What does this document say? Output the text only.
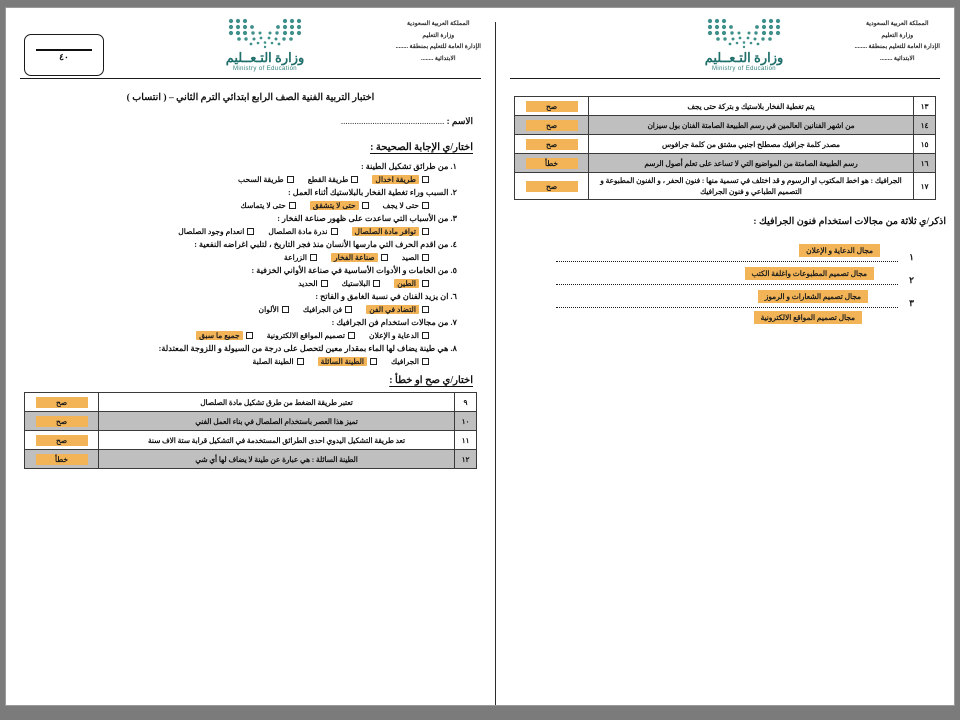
٤٠
المملكة العربية السعودية
وزارة التعليم
الإدارة العامة للتعليم بمنطقة ........
الابتدائية ........
وزارة التـعــليم
Ministry of Education
اختبار التربية الفنية الصف الرابع ابتدائي الترم الثاني – ( انتساب )
الاسم : ..............................................
اختار/ي الإجابة الصحيحة :
١. من طرائق تشكيل الطينة :
طريقة اخدال
طريقة القطع
طريقة السحب
٢. السبب وراء تغطية الفخار بالبلاستيك أثناء العمل :
حتى لا يجف
حتى لا يتشقق
حتى لا يتماسك
٣. من الأسباب التي ساعدت على ظهور صناعة الفخار :
توافر مادة الصلصال
ندرة مادة الصلصال
انعدام وجود الصلصال
٤. من اقدم الحرف التي مارسها الأنسان منذ فجر التاريخ ، لتلبي اغراضه النفعية :
الصيد
صناعة الفخار
الزراعة
٥. من الخامات و الأدوات الأساسية في صناعة الأواني الخزفية :
الطين
البلاستيك
الحديد
٦. ان يزيد الفنان في نسبة الغامق و الفاتح :
التضاد في الفن
فن الجرافيك
الألوان
٧. من مجالات استخدام فن الجرافيك :
الدعاية و الإعلان
تصميم المواقع الالكترونية
جميع ما سبق
٨. هي طينة يضاف لها الماء بمقدار معين لتحصل على درجة من السيولة و اللزوجة المعتدلة:
الجرافيك
الطينة السائلة
الطينة الصلبة
اختار/ي صح او خطأ :
٩	تعتبر طريقة الضغط من طرق تشكيل مادة الصلصال	صح
١٠	تميز هذا العصر باستخدام الصلصال في بناء العمل الفني	صح
١١	تعد طريقة التشكيل اليدوي احدى الطرائق المستخدمة في التشكيل قرابة ستة الاف سنة	صح
١٢	الطينة السائلة : هي عبارة عن طينة لا يضاف لها أي شي	خطأ
المملكة العربية السعودية
وزارة التعليم
الإدارة العامة للتعليم بمنطقة ........
الابتدائية ........
وزارة التـعــليم
Ministry of Education
١٣	يتم تغطية الفخار بلاستيك و بتركة حتى يجف	صح
١٤	من اشهر الفنانين العالمين في رسم الطبيعة الصامتة الفنان بول سيزان	صح
١٥	مصدر كلمة جرافيك مصطلح اجنبي مشتق من كلمة جرافوس	صح
١٦	رسم الطبيعة الصامتة من المواضيع التي لا تساعد على تعلم أصول الرسم	خطأ
١٧	الجرافيك : هو اخط المكتوب او الرسوم و قد اختلف في تسمية منها : فنون الحفر ، و الفنون المطبوعة و التصميم الطباعي و فنون الجرافيك	صح
اذكر/ي ثلاثة من مجالات استخدام فنون الجرافيك :
١
مجال الدعاية و الإعلان
٢
مجال تصميم المطبوعات واغلفة الكتب
٣
مجال تصميم الشعارات و الرموز
مجال تصميم المواقع الالكترونية
